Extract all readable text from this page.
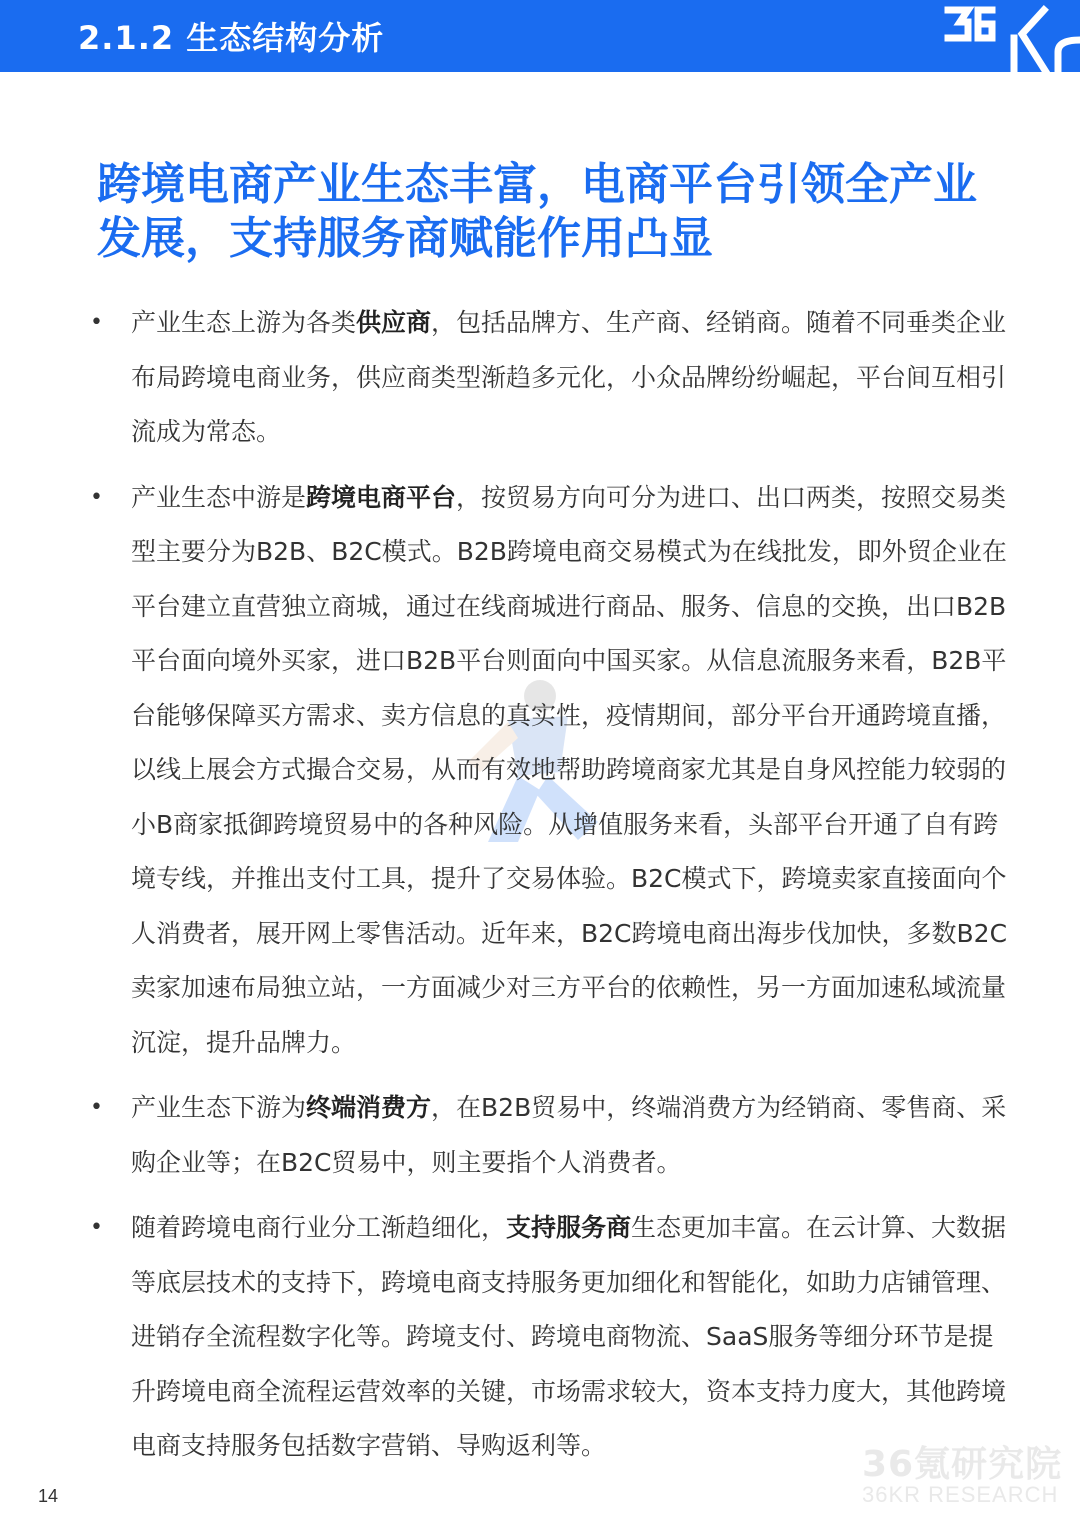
2.1.2 生态结构分析
跨境电商产业生态丰富，电商平台引领全产业
发展，支持服务商赋能作用凸显
• 产业生态上游为各类供应商，包括品牌方、生产商、经销商。随着不同垂类企业布局跨境电商业务，供应商类型渐趋多元化，小众品牌纷纷崛起，平台间互相引流成为常态。
• 产业生态中游是跨境电商平台，按贸易方向可分为进口、出口两类，按照交易类型主要分为B2B、B2C模式。B2B跨境电商交易模式为在线批发，即外贸企业在平台建立直营独立商城，通过在线商城进行商品、服务、信息的交换，出口B2B平台面向境外买家，进口B2B平台则面向中国买家。从信息流服务来看，B2B平台能够保障买方需求、卖方信息的真实性，疫情期间，部分平台开通跨境直播，以线上展会方式撮合交易，从而有效地帮助跨境商家尤其是自身风控能力较弱的小B商家抵御跨境贸易中的各种风险。从增值服务来看，头部平台开通了自有跨境专线，并推出支付工具，提升了交易体验。B2C模式下，跨境卖家直接面向个人消费者，展开网上零售活动。近年来，B2C跨境电商出海步伐加快，多数B2C卖家加速布局独立站，一方面减少对三方平台的依赖性，另一方面加速私域流量沉淀，提升品牌力。
• 产业生态下游为终端消费方，在B2B贸易中，终端消费方为经销商、零售商、采购企业等；在B2C贸易中，则主要指个人消费者。
• 随着跨境电商行业分工渐趋细化，支持服务商生态更加丰富。在云计算、大数据等底层技术的支持下，跨境电商支持服务更加细化和智能化，如助力店铺管理、进销存全流程数字化等。跨境支付、跨境电商物流、SaaS服务等细分环节是提升跨境电商全流程运营效率的关键，市场需求较大，资本支持力度大，其他跨境电商支持服务包括数字营销、导购返利等。
14
36氪研究院
36KR RESEARCH
